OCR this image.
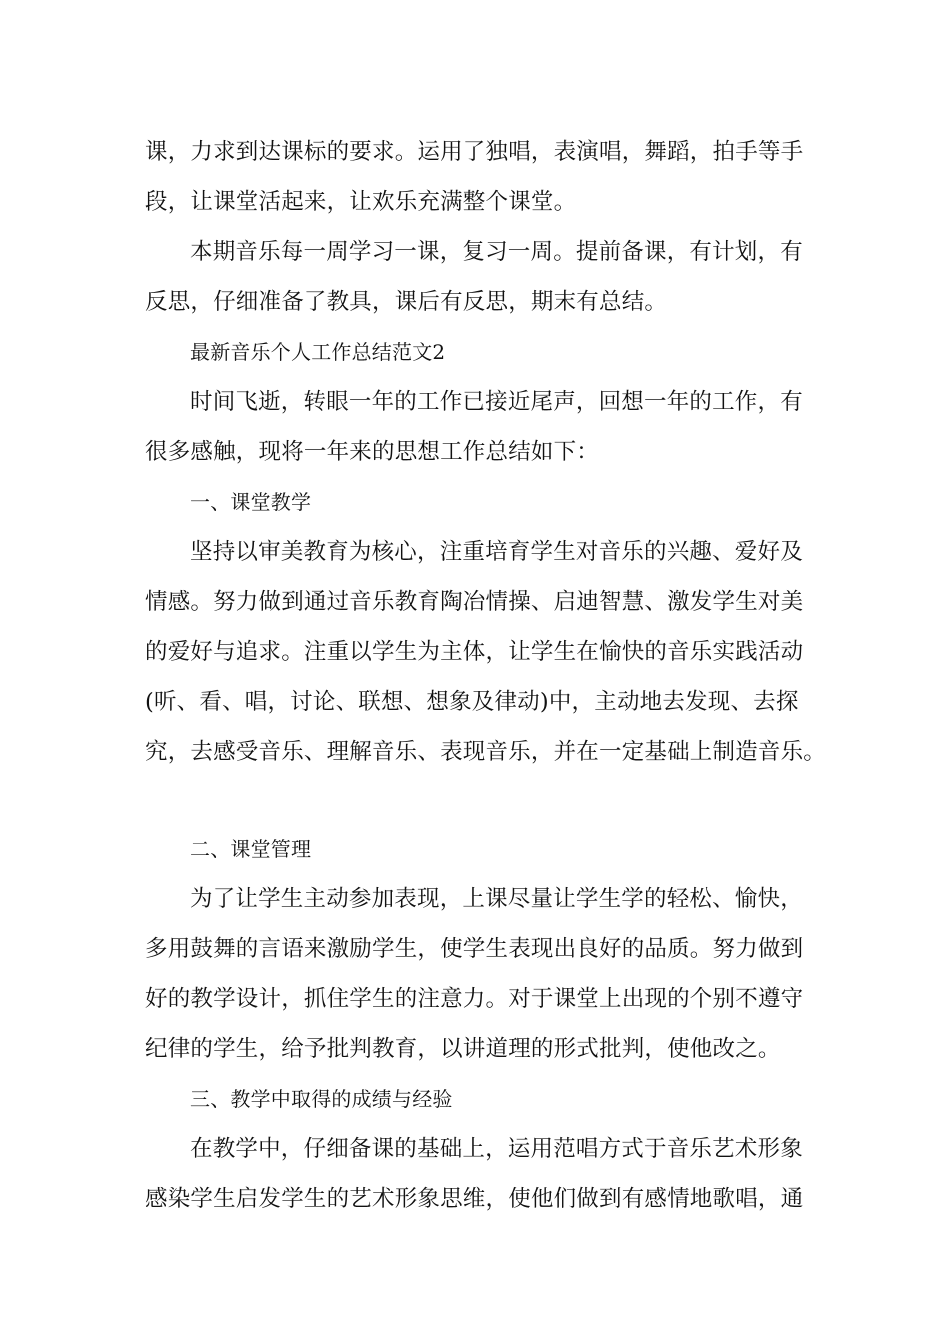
课，力求到达课标的要求。运用了独唱，表演唱，舞蹈，拍手等手
段，让课堂活起来，让欢乐充满整个课堂。
本期音乐每一周学习一课，复习一周。提前备课，有计划，有
反思，仔细准备了教具，课后有反思，期末有总结。
最新音乐个人工作总结范文2
时间飞逝，转眼一年的工作已接近尾声，回想一年的工作，有
很多感触，现将一年来的思想工作总结如下：
一、课堂教学
坚持以审美教育为核心，注重培育学生对音乐的兴趣、爱好及
情感。努力做到通过音乐教育陶冶情操、启迪智慧、激发学生对美
的爱好与追求。注重以学生为主体，让学生在愉快的音乐实践活动
(听、看、唱，讨论、联想、想象及律动)中，主动地去发现、去探
究，去感受音乐、理解音乐、表现音乐，并在一定基础上制造音乐。
二、课堂管理
为了让学生主动参加表现，上课尽量让学生学的轻松、愉快，
多用鼓舞的言语来激励学生，使学生表现出良好的品质。努力做到
好的教学设计，抓住学生的注意力。对于课堂上出现的个别不遵守
纪律的学生，给予批判教育，以讲道理的形式批判，使他改之。
三、教学中取得的成绩与经验
在教学中，仔细备课的基础上，运用范唱方式于音乐艺术形象
感染学生启发学生的艺术形象思维，使他们做到有感情地歌唱，通
